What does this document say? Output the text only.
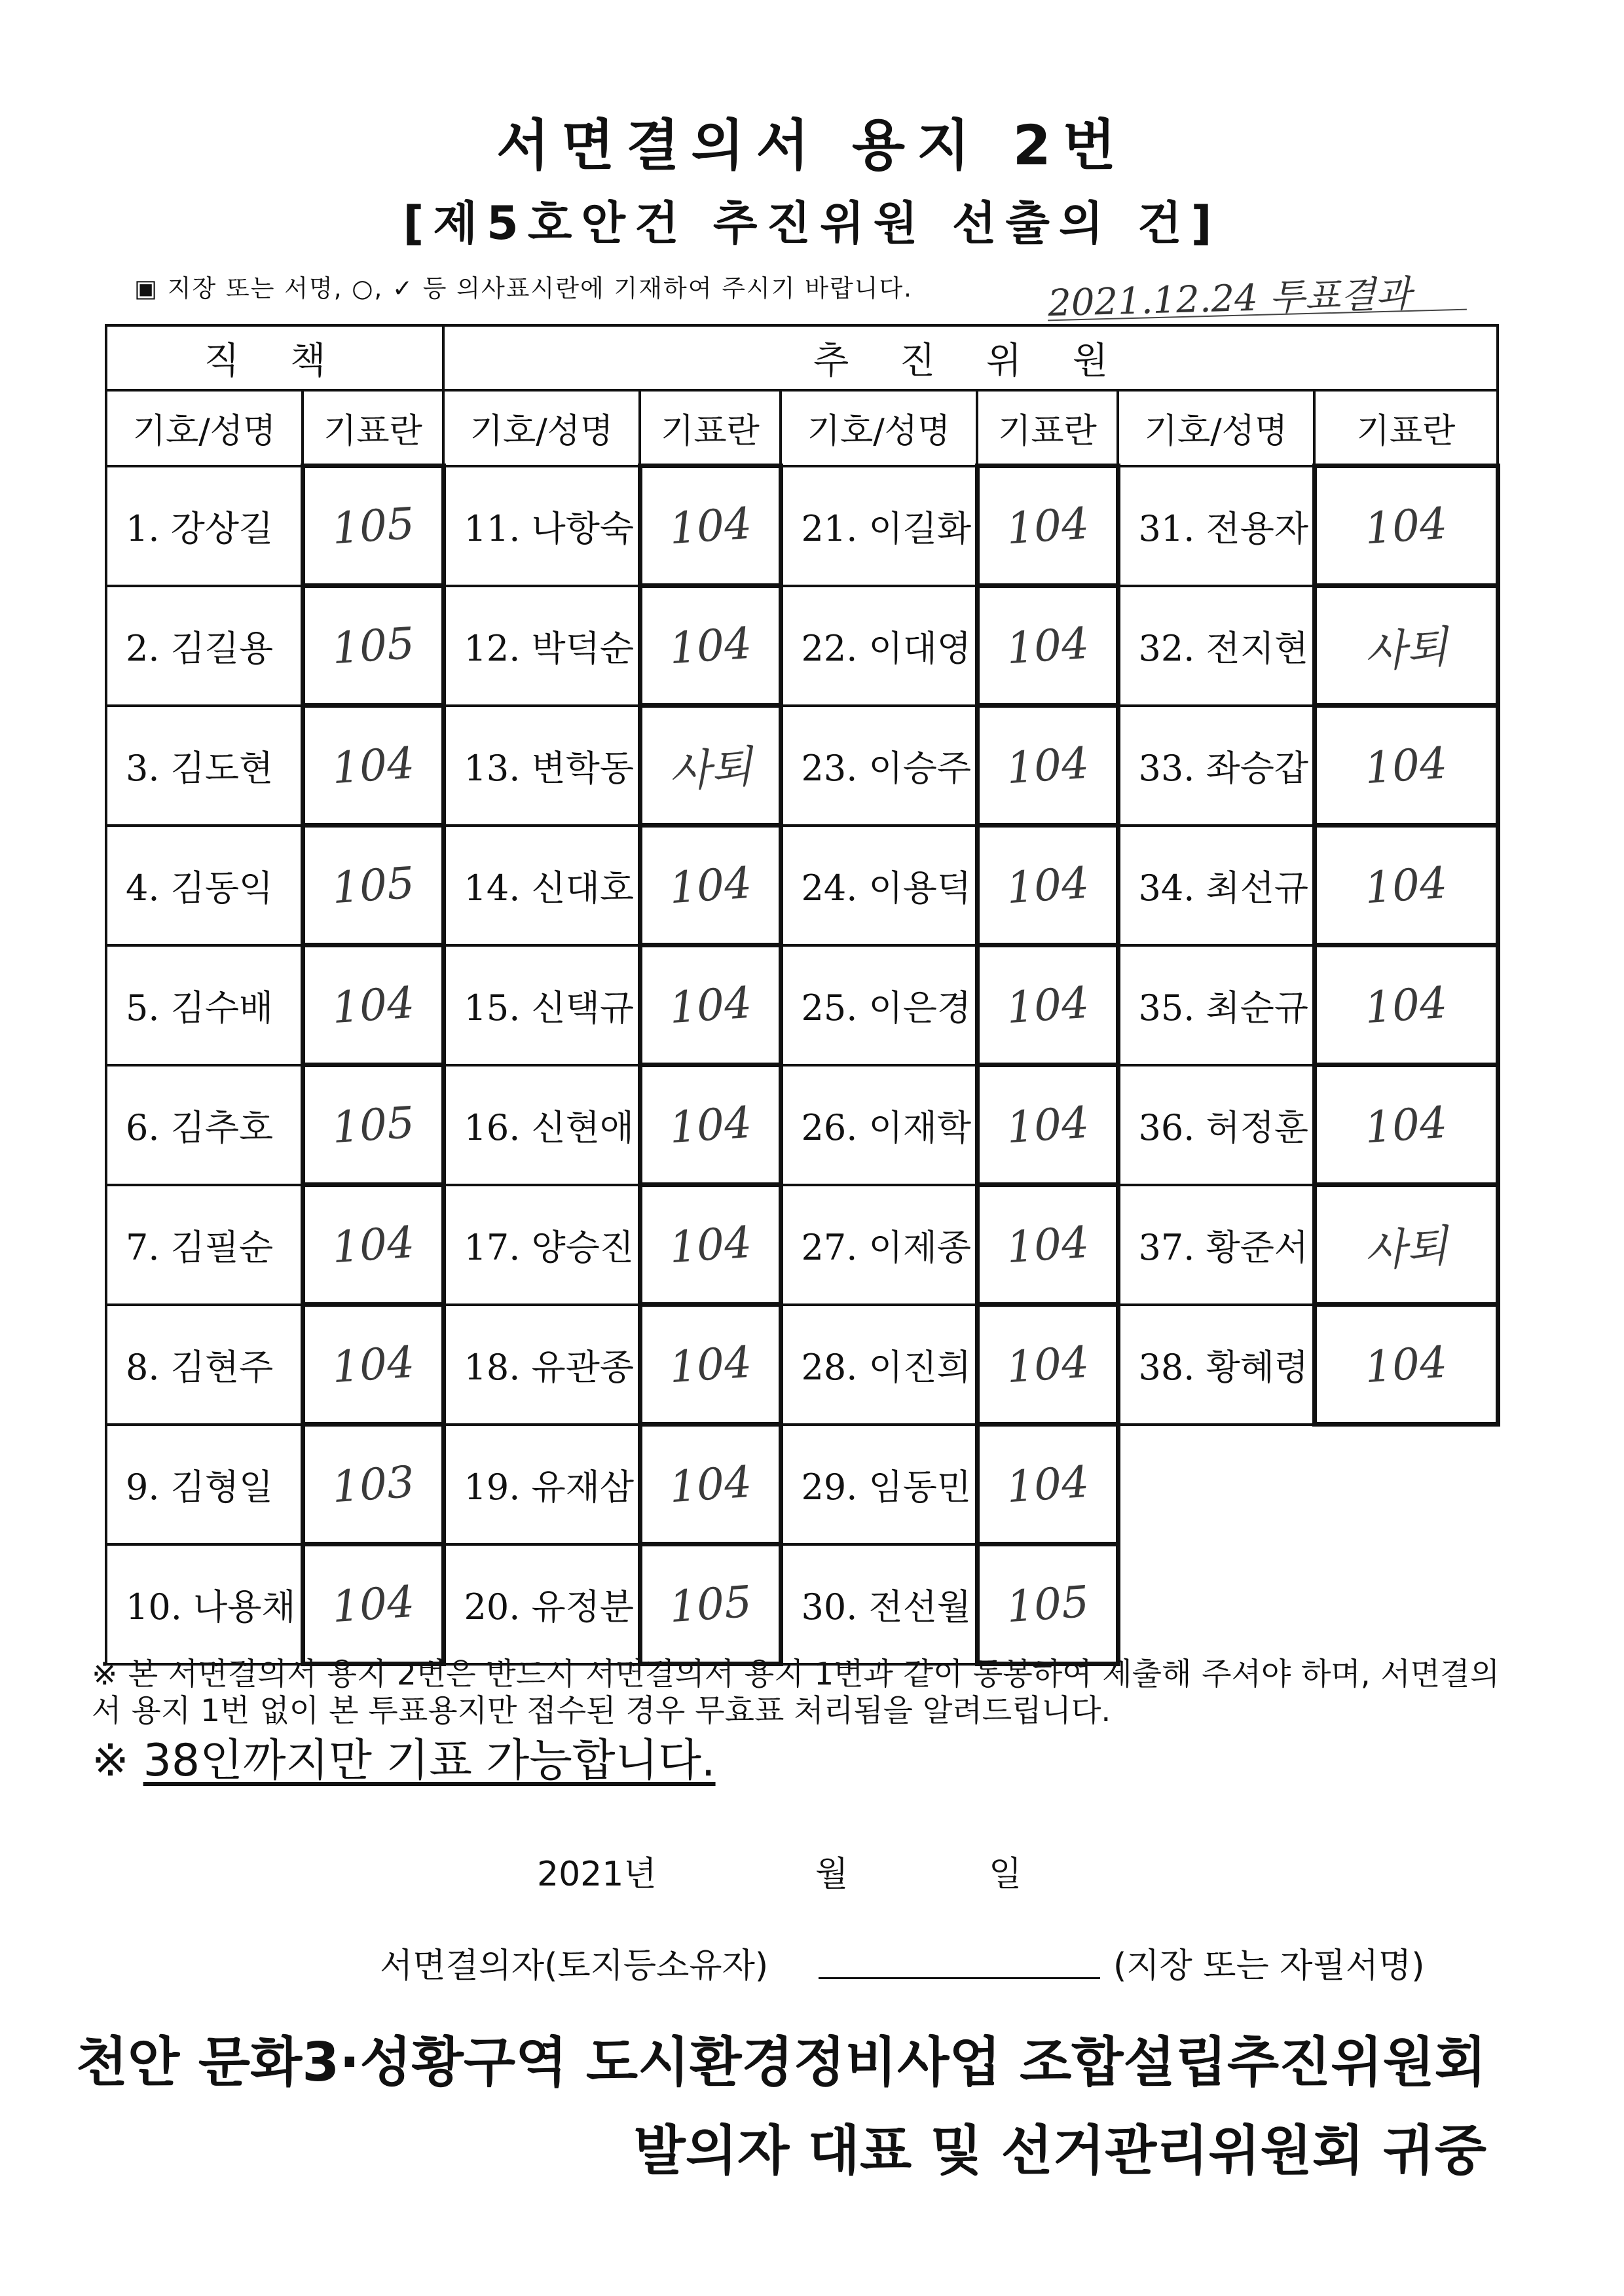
서면결의서 용지 2번
[제5호안건 추진위원 선출의 건]
▣ 지장 또는 서명, ○, ✓ 등 의사표시란에 기재하여 주시기 바랍니다.	2021.12.24 투표결과
직 책		추 진 위 원					
기호/성명	기표란	기호/성명	기표란	기호/성명	기표란	기호/성명	기표란
1. 강상길	105	11. 나항숙	104	21. 이길화	104	31. 전용자	104
2. 김길용	105	12. 박덕순	104	22. 이대영	104	32. 전지현	사퇴
3. 김도현	104	13. 변학동	사퇴	23. 이승주	104	33. 좌승갑	104
4. 김동익	105	14. 신대호	104	24. 이용덕	104	34. 최선규	104
5. 김수배	104	15. 신택규	104	25. 이은경	104	35. 최순규	104
6. 김추호	105	16. 신현애	104	26. 이재학	104	36. 허정훈	104
7. 김필순	104	17. 양승진	104	27. 이제종	104	37. 황준서	사퇴
8. 김현주	104	18. 유관종	104	28. 이진희	104	38. 황혜령	104
9. 김형일	103	19. 유재삼	104	29. 임동민	104		
10. 나용채	104	20. 유정분	105	30. 전선월	105		
※ 본 서면결의서 용지 2번은 반드시 서면결의서 용지 1번과 같이 동봉하여 제출해 주셔야 하며, 서면결의서 용지 1번 없이 본 투표용지만 접수된 경우 무효표 처리됨을 알려드립니다.
※ 38인까지만 기표 가능합니다.
2021년	월	일
서면결의자(토지등소유자)	(지장 또는 자필서명)
천안 문화3·성황구역 도시환경정비사업 조합설립추진위원회
발의자 대표 및 선거관리위원회 귀중
